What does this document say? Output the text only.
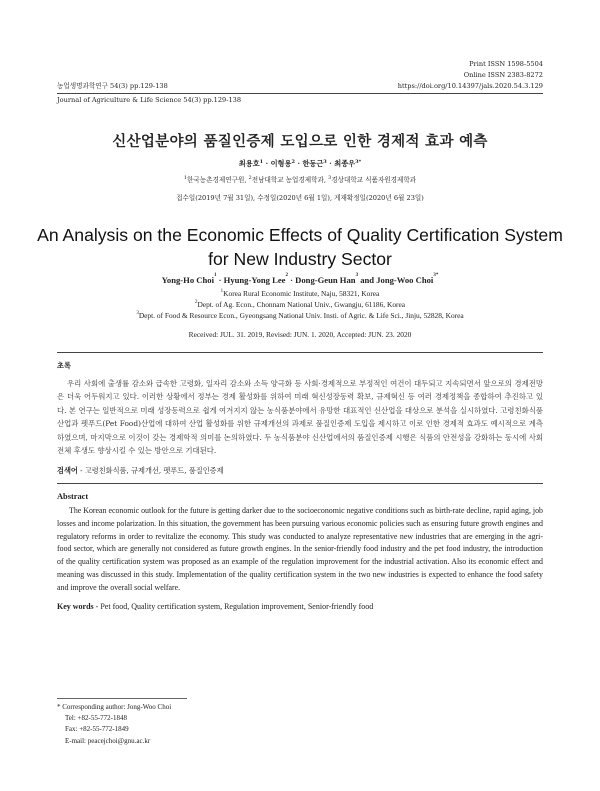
Print ISSN 1598-5504
Online ISSN 2383-8272
https://doi.org/10.14397/jals.2020.54.3.129
농업생명과학연구 54(3) pp.129-138
Journal of Agriculture & Life Science 54(3) pp.129-138
신산업분야의 품질인증제 도입으로 인한 경제적 효과 예측
최용호$^1$ · 이형용$^2$ · 한동근$^3$ · 최종우$^{3*}$
$^1$한국농촌경제연구원, $^2$전남대학교 농업경제학과, $^3$경상대학교 식품자원경제학과
접수일(2019년 7월 31일), 수정일(2020년 6월 1일), 게재확정일(2020년 6월 23일)
An Analysis on the Economic Effects of Quality Certification System
for New Industry Sector
Yong-Ho Choi$^1$ · Hyung-Yong Lee$^2$ · Dong-Geun Han$^3$ and Jong-Woo Choi$^{3*}$
$^1$Korea Rural Economic Institute, Naju, 58321, Korea
$^2$Dept. of Ag. Econ., Chonnam National Univ., Gwangju, 61186, Korea
$^3$Dept. of Food & Resource Econ., Gyeongsang National Univ. Insti. of Agric. & Life Sci., Jinju, 52828, Korea
Received: JUL. 31. 2019, Revised: JUN. 1. 2020, Accepted: JUN. 23. 2020
초록
우리 사회에 출생률 감소와 급속한 고령화, 일자리 감소와 소득 양극화 등 사회·경제적으로 부정적인 여건이 대두되고 지속되면서 앞으로의 경제전망은 더욱 어두워지고 있다. 이러한 상황에서 정부는 경제 활성화를 위하여 미래 혁신성장동력 확보, 규제혁신 등 여러 경제정책을 종합하여 추진하고 있다. 본 연구는 일반적으로 미래 성장동력으로 쉽게 여겨지지 않는 농식품분야에서 유망한 대표적인 신산업을 대상으로 분석을 실시하였다. 고령친화식품산업과 펫푸드(Pet Food)산업에 대하여 산업 활성화를 위한 규제개선의 과제로 품질인증제 도입을 제시하고 이로 인한 경제적 효과도 예시적으로 계측하였으며, 마지막으로 이것이 갖는 경제학적 의미를 논의하였다. 두 농식품분야 신산업에서의 품질인증제 시행은 식품의 안전성을 강화하는 동시에 사회 전체 후생도 향상시킬 수 있는 방안으로 기대된다.
검색어 - 고령친화식품, 규제개선, 펫푸드, 품질인증제
Abstract
The Korean economic outlook for the future is getting darker due to the socioeconomic negative conditions such as birth-rate decline, rapid aging, job losses and income polarization. In this situation, the government has been pursuing various economic policies such as ensuring future growth engines and regulatory reforms in order to revitalize the economy. This study was conducted to analyze representative new industries that are emerging in the agri-food sector, which are generally not considered as future growth engines. In the senior-friendly food industry and the pet food industry, the introduction of the quality certification system was proposed as an example of the regulation improvement for the industrial activation. Also its economic effect and meaning was discussed in this study. Implementation of the quality certification system in the two new industries is expected to enhance the food safety and improve the overall social welfare.
Key words - Pet food, Quality certification system, Regulation improvement, Senior-friendly food
* Corresponding author: Jong-Woo Choi
Tel: +82-55-772-1848
Fax: +82-55-772-1849
E-mail: peacejchoi@gnu.ac.kr
